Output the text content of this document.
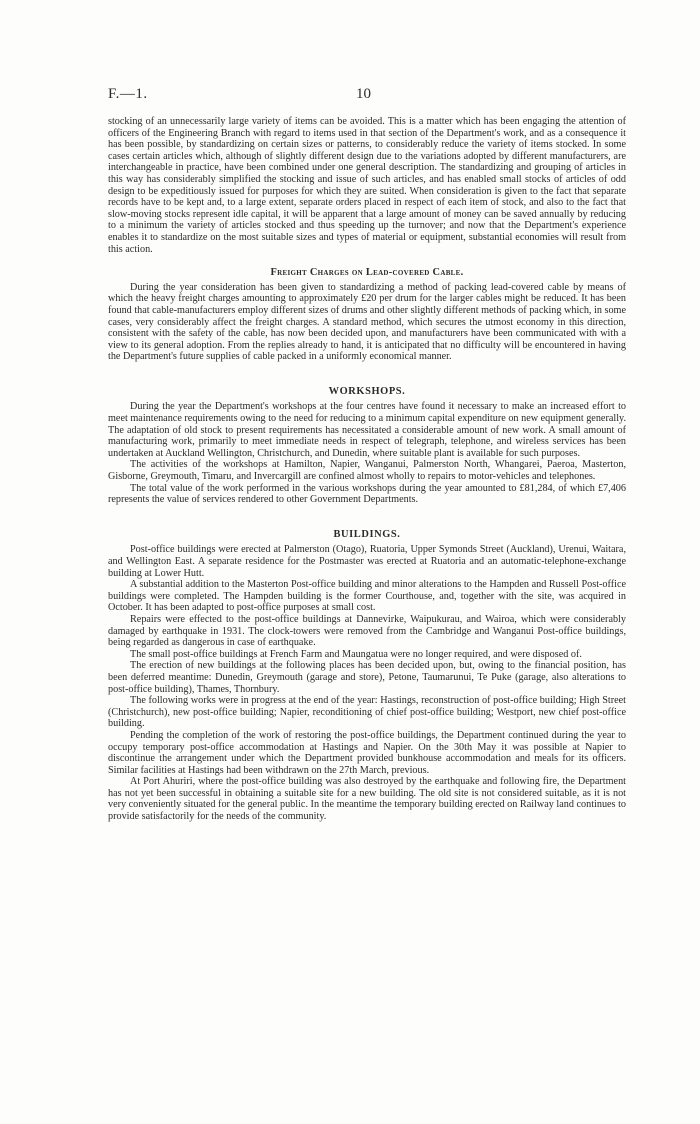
F.—1.	10

stocking of an unnecessarily large variety of items can be avoided. This is a matter which has been engaging the attention of officers of the Engineering Branch with regard to items used in that section of the Department's work, and as a consequence it has been possible, by standardizing on certain sizes or patterns, to considerably reduce the variety of items stocked. In some cases certain articles which, although of slightly different design due to the variations adopted by different manufacturers, are interchangeable in practice, have been combined under one general description. The standardizing and grouping of articles in this way has considerably simplified the stocking and issue of such articles, and has enabled small stocks of articles of odd design to be expeditiously issued for purposes for which they are suited. When consideration is given to the fact that separate records have to be kept and, to a large extent, separate orders placed in respect of each item of stock, and also to the fact that slow-moving stocks represent idle capital, it will be apparent that a large amount of money can be saved annually by reducing to a minimum the variety of articles stocked and thus speeding up the turnover; and now that the Department's experience enables it to standardize on the most suitable sizes and types of material or equipment, substantial economies will result from this action.

Freight Charges on Lead-covered Cable.

During the year consideration has been given to standardizing a method of packing lead-covered cable by means of which the heavy freight charges amounting to approximately £20 per drum for the larger cables might be reduced. It has been found that cable-manufacturers employ different sizes of drums and other slightly different methods of packing which, in some cases, very considerably affect the freight charges. A standard method, which secures the utmost economy in this direction, consistent with the safety of the cable, has now been decided upon, and manufacturers have been communicated with with a view to its general adoption. From the replies already to hand, it is anticipated that no difficulty will be encountered in having the Department's future supplies of cable packed in a uniformly economical manner.

WORKSHOPS.

During the year the Department's workshops at the four centres have found it necessary to make an increased effort to meet maintenance requirements owing to the need for reducing to a minimum capital expenditure on new equipment generally. The adaptation of old stock to present requirements has necessitated a considerable amount of new work. A small amount of manufacturing work, primarily to meet immediate needs in respect of telegraph, telephone, and wireless services has been undertaken at Auckland Wellington, Christchurch, and Dunedin, where suitable plant is available for such purposes.

The activities of the workshops at Hamilton, Napier, Wanganui, Palmerston North, Whangarei, Paeroa, Masterton, Gisborne, Greymouth, Timaru, and Invercargill are confined almost wholly to repairs to motor-vehicles and telephones.

The total value of the work performed in the various workshops during the year amounted to £81,284, of which £7,406 represents the value of services rendered to other Government Departments.

BUILDINGS.

Post-office buildings were erected at Palmerston (Otago), Ruatoria, Upper Symonds Street (Auckland), Urenui, Waitara, and Wellington East. A separate residence for the Postmaster was erected at Ruatoria and an automatic-telephone-exchange building at Lower Hutt.

A substantial addition to the Masterton Post-office building and minor alterations to the Hampden and Russell Post-office buildings were completed. The Hampden building is the former Courthouse, and, together with the site, was acquired in October. It has been adapted to post-office purposes at small cost.

Repairs were effected to the post-office buildings at Dannevirke, Waipukurau, and Wairoa, which were considerably damaged by earthquake in 1931. The clock-towers were removed from the Cambridge and Wanganui Post-office buildings, being regarded as dangerous in case of earthquake.

The small post-office buildings at French Farm and Maungatua were no longer required, and were disposed of.

The erection of new buildings at the following places has been decided upon, but, owing to the financial position, has been deferred meantime: Dunedin, Greymouth (garage and store), Petone, Taumarunui, Te Puke (garage, also alterations to post-office building), Thames, Thornbury.

The following works were in progress at the end of the year: Hastings, reconstruction of post-office building; High Street (Christchurch), new post-office building; Napier, reconditioning of chief post-office building; Westport, new chief post-office building.

Pending the completion of the work of restoring the post-office buildings, the Department continued during the year to occupy temporary post-office accommodation at Hastings and Napier. On the 30th May it was possible at Napier to discontinue the arrangement under which the Department provided bunkhouse accommodation and meals for its officers. Similar facilities at Hastings had been withdrawn on the 27th March, previous.

At Port Ahuriri, where the post-office building was also destroyed by the earthquake and following fire, the Department has not yet been successful in obtaining a suitable site for a new building. The old site is not considered suitable, as it is not very conveniently situated for the general public. In the meantime the temporary building erected on Railway land continues to provide satisfactorily for the needs of the community.
